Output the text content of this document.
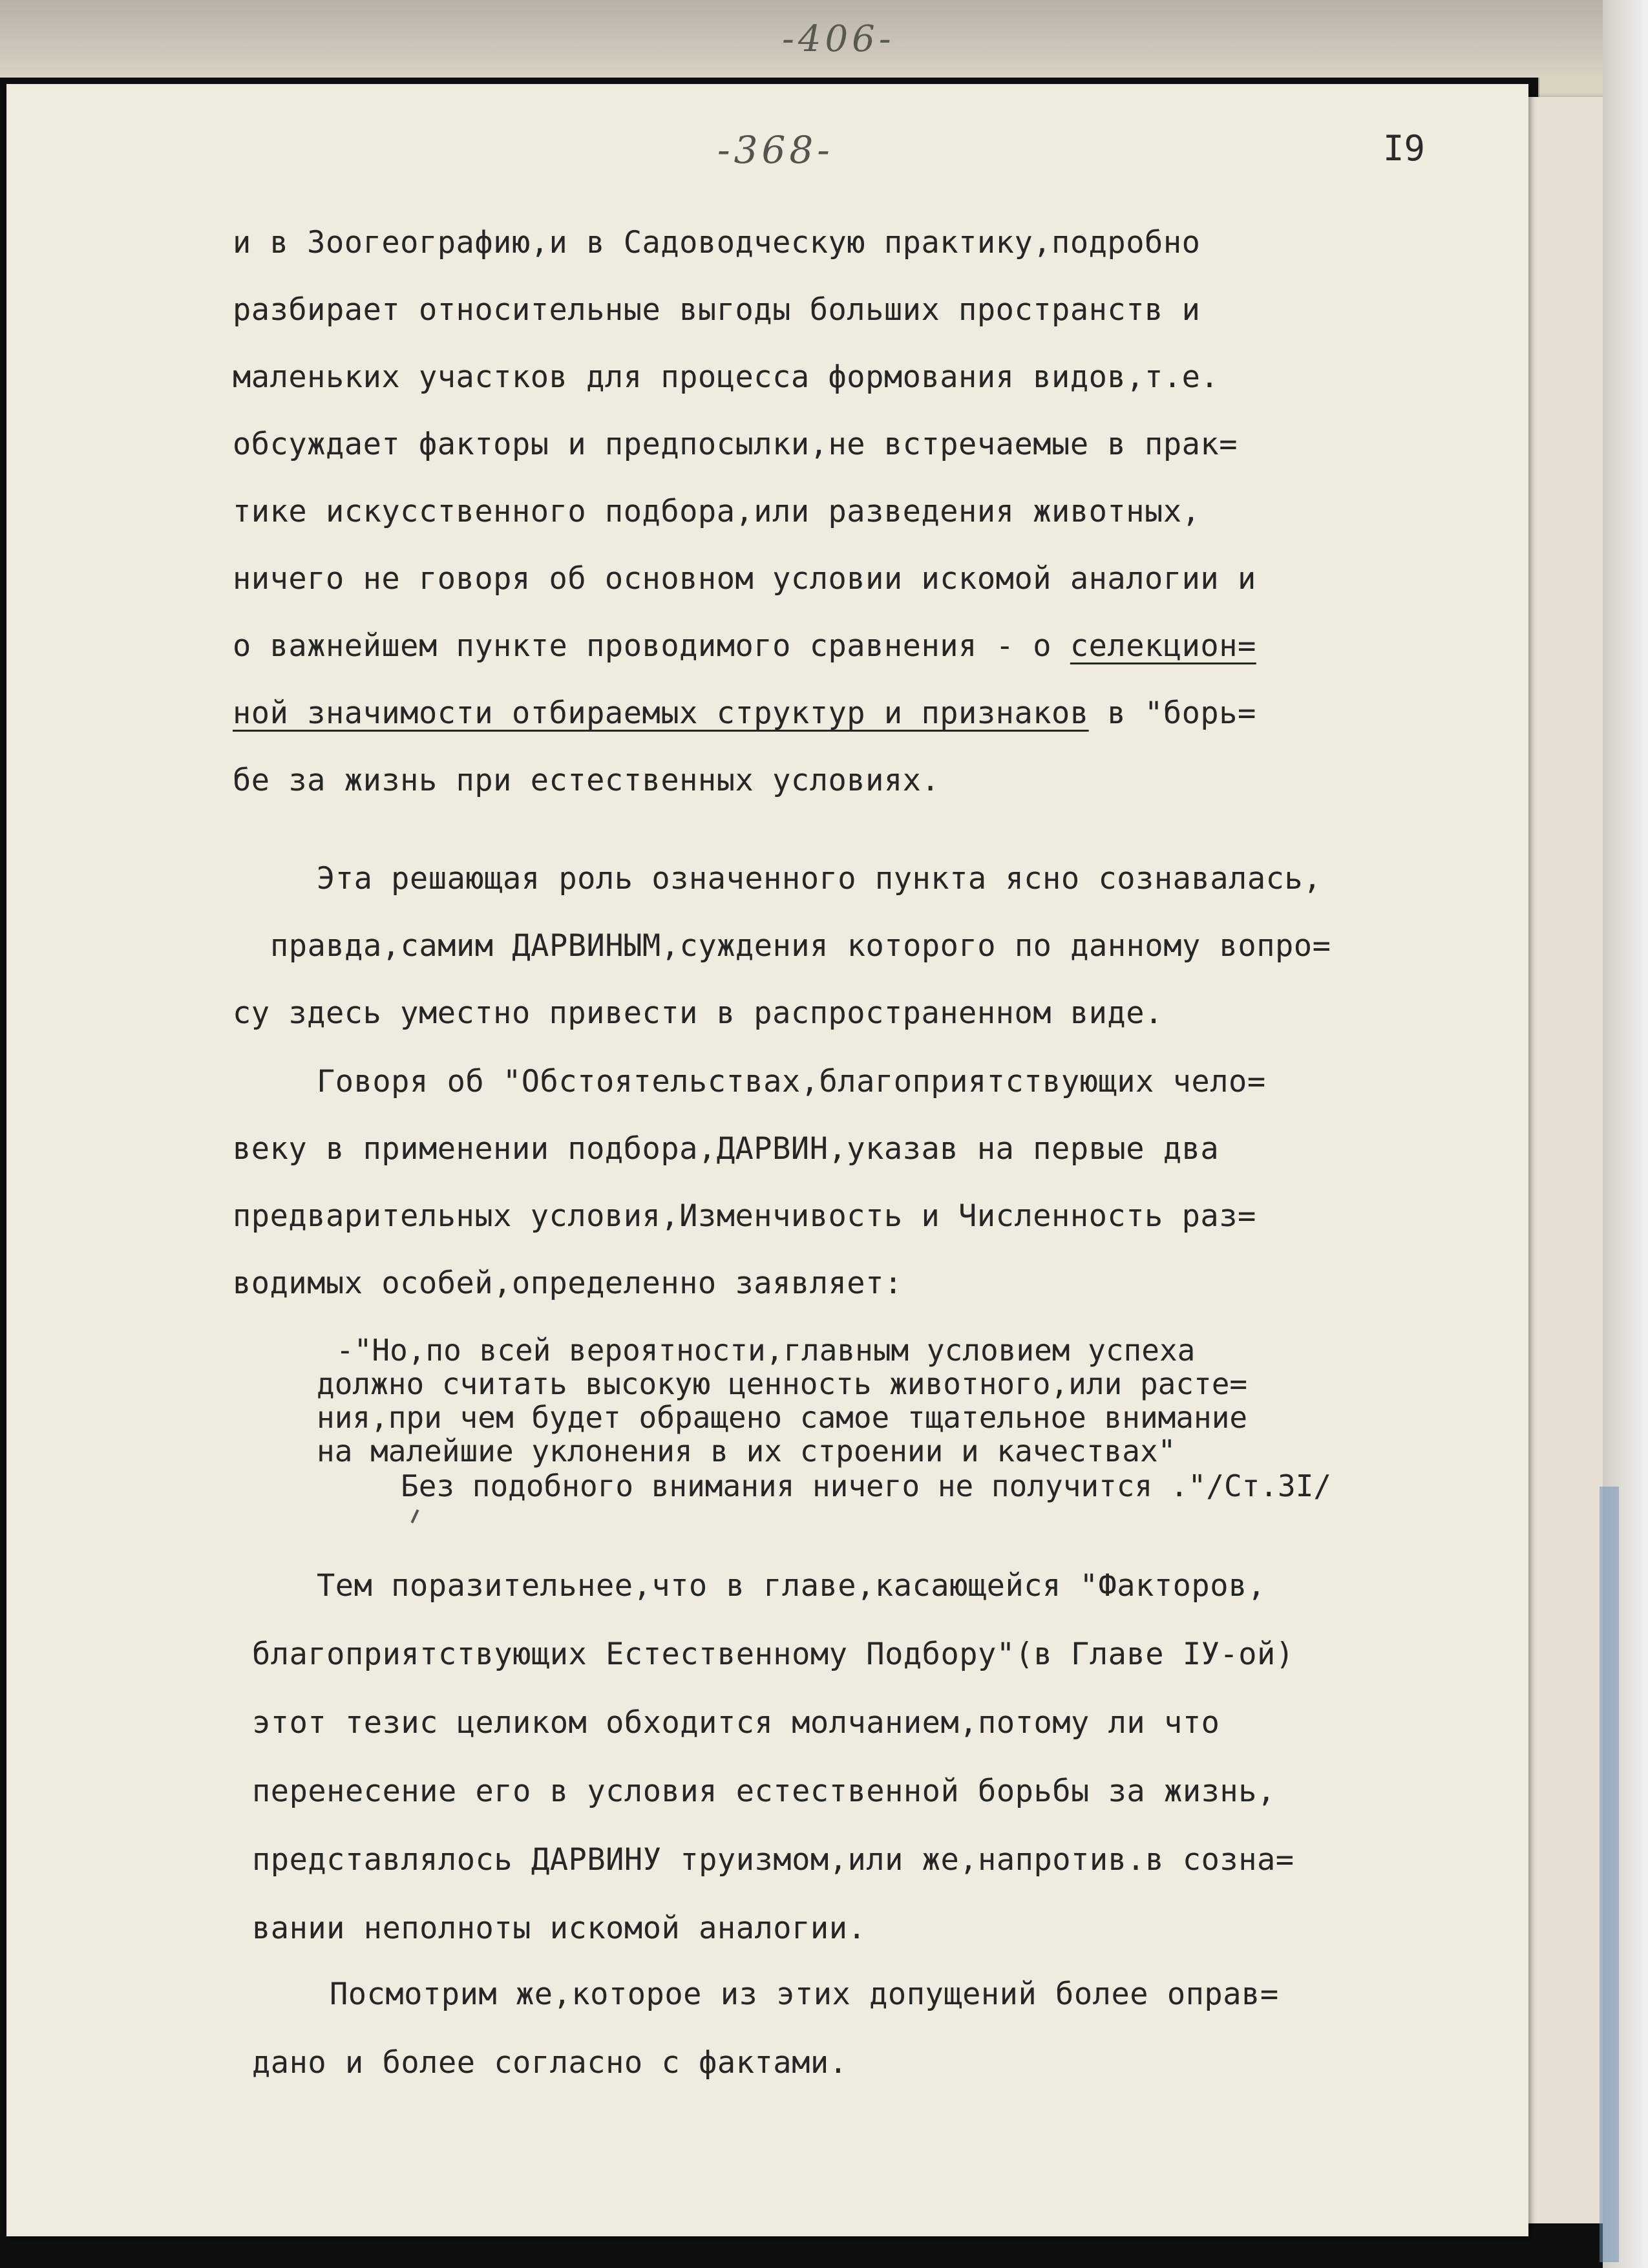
-406-
-368-	I9
и в Зоогеографию,и в Садоводческую практику,подробно
разбирает относительные выгоды больших пространств и
маленьких участков для процесса формования видов,т.е.
обсуждает факторы и предпосылки,не встречаемые в прак=
тике искусственного подбора,или разведения животных,
ничего не говоря об основном условии искомой аналогии и
о важнейшем пункте проводимого сравнения - о селекцион=
ной значимости отбираемых структур и признаков в "борь=
бе за жизнь при естественных условиях.
Эта решающая роль означенного пункта ясно сознавалась,
правда,самим ДАРВИНЫМ,суждения которого по данному вопро=
су здесь уместно привести в распространенном виде.
Говоря об "Обстоятельствах,благоприятствующих чело=
веку в применении подбора,ДАРВИН,указав на первые два
предварительных условия,Изменчивость и Численность раз=
водимых особей,определенно заявляет:
-"Но,по всей вероятности,главным условием успеха
должно считать высокую ценность животного,или расте=
ния,при чем будет обращено самое тщательное внимание
на малейшие уклонения в их строении и качествах"
Без подобного внимания ничего не получится ."/Ст.3I/
Тем поразительнее,что в главе,касающейся "Факторов,
благоприятствующих Естественному Подбору"(в Главе IУ-ой)
этот тезис целиком обходится молчанием,потому ли что
перенесение его в условия естественной борьбы за жизнь,
представлялось ДАРВИНУ труизмом,или же,напротив.в созна=
вании неполноты искомой аналогии.
Посмотрим же,которое из этих допущений более оправ=
дано и более согласно с фактами.
